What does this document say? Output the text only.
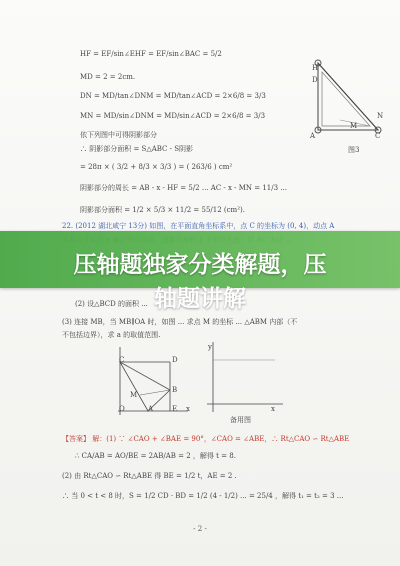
HF = EF/sin∠EHF = EF/sin∠BAC = 5/2
MD = 2 = 2cm.
DN = MD/tan∠DNM = MD/tan∠ACD = 2×6/8 = 3/3
MN = MD/sin∠DNM = MD/sin∠ACD = 2×6/8 = 3/3
依下列图中可得阴影部分
∴ 阴影部分面积 = S△ABC - S阴影
= 28π × ( 3/2 + 8/3 × 3/3 ) = ( 263/6 ) cm²
阴影部分的周长 = AB - x - HF = 5/2 ... AC - x - MN = 11/3 ...
阴影部分面积 = 1/2 × 5/3 × 11/2 = 55/12 (cm²).
H
D
M
N
A	C
图3
22. (2012 湖北咸宁 13分) 如图，在平面直角坐标系中，点 C 的坐标为 (0, 4)，动点 A
(2) 设△BCD 的面积 ...
(3) 连接 MB，当 MB∥OA 时，如图 ... 求点 M 的坐标 ... △ABM 内部（不
不包括边界），求 a 的取值范围.
C	D
M
B
O	A	E x
y
x
备用图
【答案】 解：(1) ∵ ∠CAO + ∠BAE = 90°，∠CAO = ∠ABE，∴ Rt△CAO ∽ Rt△ABE
∴ CA/AB = AO/BE = 2AB/AB = 2 ，解得 t = 8.
(2) 由 Rt△CAO ∽ Rt△ABE 得 BE = 1/2 t，AE = 2 .
∴ 当 0 < t < 8 时，S = 1/2 CD · BD = 1/2 (4 - 1/2) ... = 25/4 ，解得 t₁ = t₂ = 3 ...
- 2 -
压轴题独家分类解题，压
轴题讲解
